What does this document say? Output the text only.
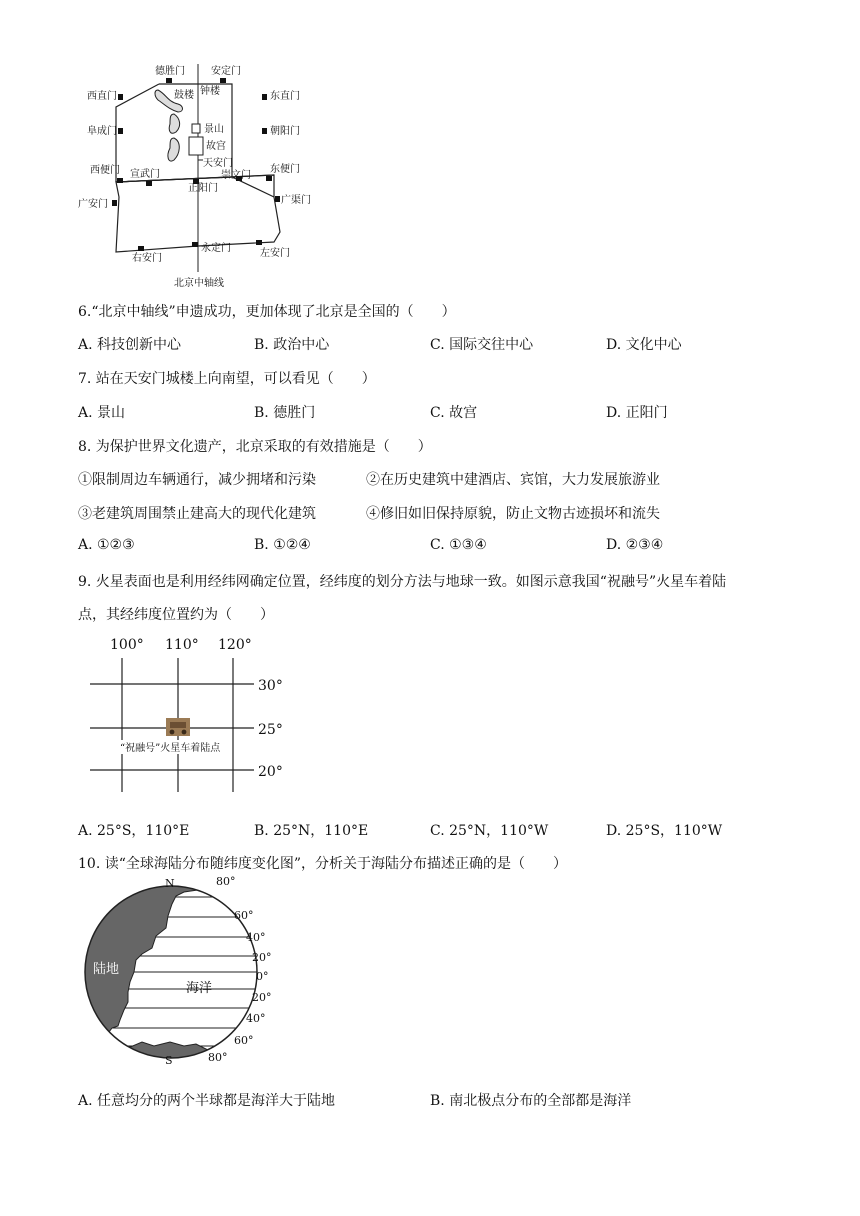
德胜门	安定门
西直门	东直门
阜成门	朝阳门
西便门	东便门
宣武门
正阳门
崇文门
广安门	广渠门
右安门
永定门	左安门
鼓楼 钟楼
景山
故宫
天安门
北京中轴线
6.“北京中轴线”申遗成功，更加体现了北京是全国的（　　）
A. 科技创新中心	B. 政治中心	C. 国际交往中心	D. 文化中心
7. 站在天安门城楼上向南望，可以看见（　　）
A. 景山	B. 德胜门	C. 故宫	D. 正阳门
8. 为保护世界文化遗产，北京采取的有效措施是（　　）
①限制周边车辆通行，减少拥堵和污染	②在历史建筑中建酒店、宾馆，大力发展旅游业
③老建筑周围禁止建高大的现代化建筑	④修旧如旧保持原貌，防止文物古迹损坏和流失
A. ①②③	B. ①②④	C. ①③④	D. ②③④
9. 火星表面也是利用经纬网确定位置，经纬度的划分方法与地球一致。如图示意我国“祝融号”火星车着陆
点，其经纬度位置约为（　　）
100° 110° 120°
30°
25°
20°
“祝融号”火星车着陆点
A. 25°S，110°E	B. 25°N，110°E	C. 25°N，110°W	D. 25°S，110°W
10. 读“全球海陆分布随纬度变化图”，分析关于海陆分布描述正确的是（　　）
N
S
80°
60°
40°
20°
0°
20°
40°
60°
80°
陆地
海洋
A. 任意均分的两个半球都是海洋大于陆地	B. 南北极点分布的全部都是海洋
